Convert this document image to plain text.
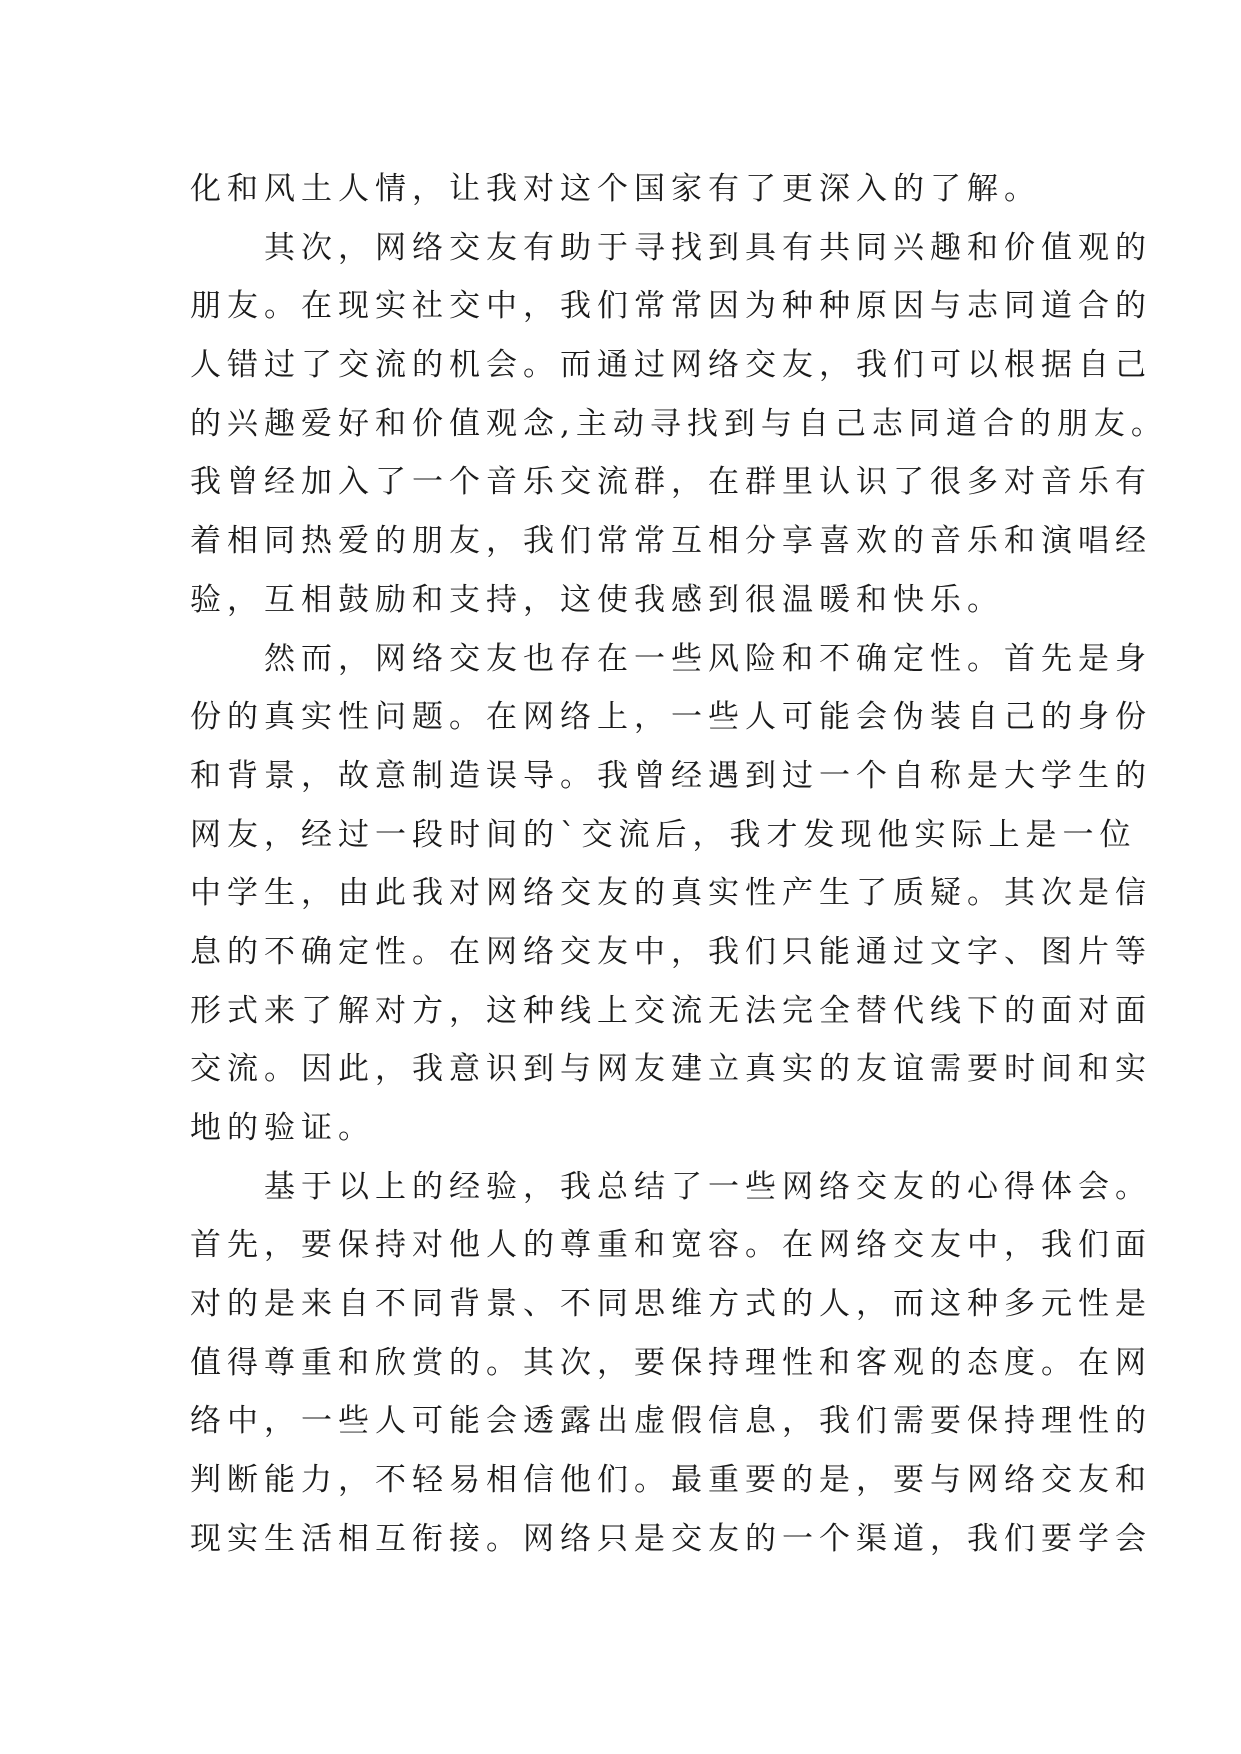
化和风土人情，让我对这个国家有了更深入的了解。
　　其次，网络交友有助于寻找到具有共同兴趣和价值观的
朋友。在现实社交中，我们常常因为种种原因与志同道合的
人错过了交流的机会。而通过网络交友，我们可以根据自己
的兴趣爱好和价值观念,主动寻找到与自己志同道合的朋友。
我曾经加入了一个音乐交流群，在群里认识了很多对音乐有
着相同热爱的朋友，我们常常互相分享喜欢的音乐和演唱经
验，互相鼓励和支持，这使我感到很温暖和快乐。
　　然而，网络交友也存在一些风险和不确定性。首先是身
份的真实性问题。在网络上，一些人可能会伪装自己的身份
和背景，故意制造误导。我曾经遇到过一个自称是大学生的
网友，经过一段时间的`交流后，我才发现他实际上是一位
中学生，由此我对网络交友的真实性产生了质疑。其次是信
息的不确定性。在网络交友中，我们只能通过文字、图片等
形式来了解对方，这种线上交流无法完全替代线下的面对面
交流。因此，我意识到与网友建立真实的友谊需要时间和实
地的验证。
　　基于以上的经验，我总结了一些网络交友的心得体会。
首先，要保持对他人的尊重和宽容。在网络交友中，我们面
对的是来自不同背景、不同思维方式的人，而这种多元性是
值得尊重和欣赏的。其次，要保持理性和客观的态度。在网
络中，一些人可能会透露出虚假信息，我们需要保持理性的
判断能力，不轻易相信他们。最重要的是，要与网络交友和
现实生活相互衔接。网络只是交友的一个渠道，我们要学会
